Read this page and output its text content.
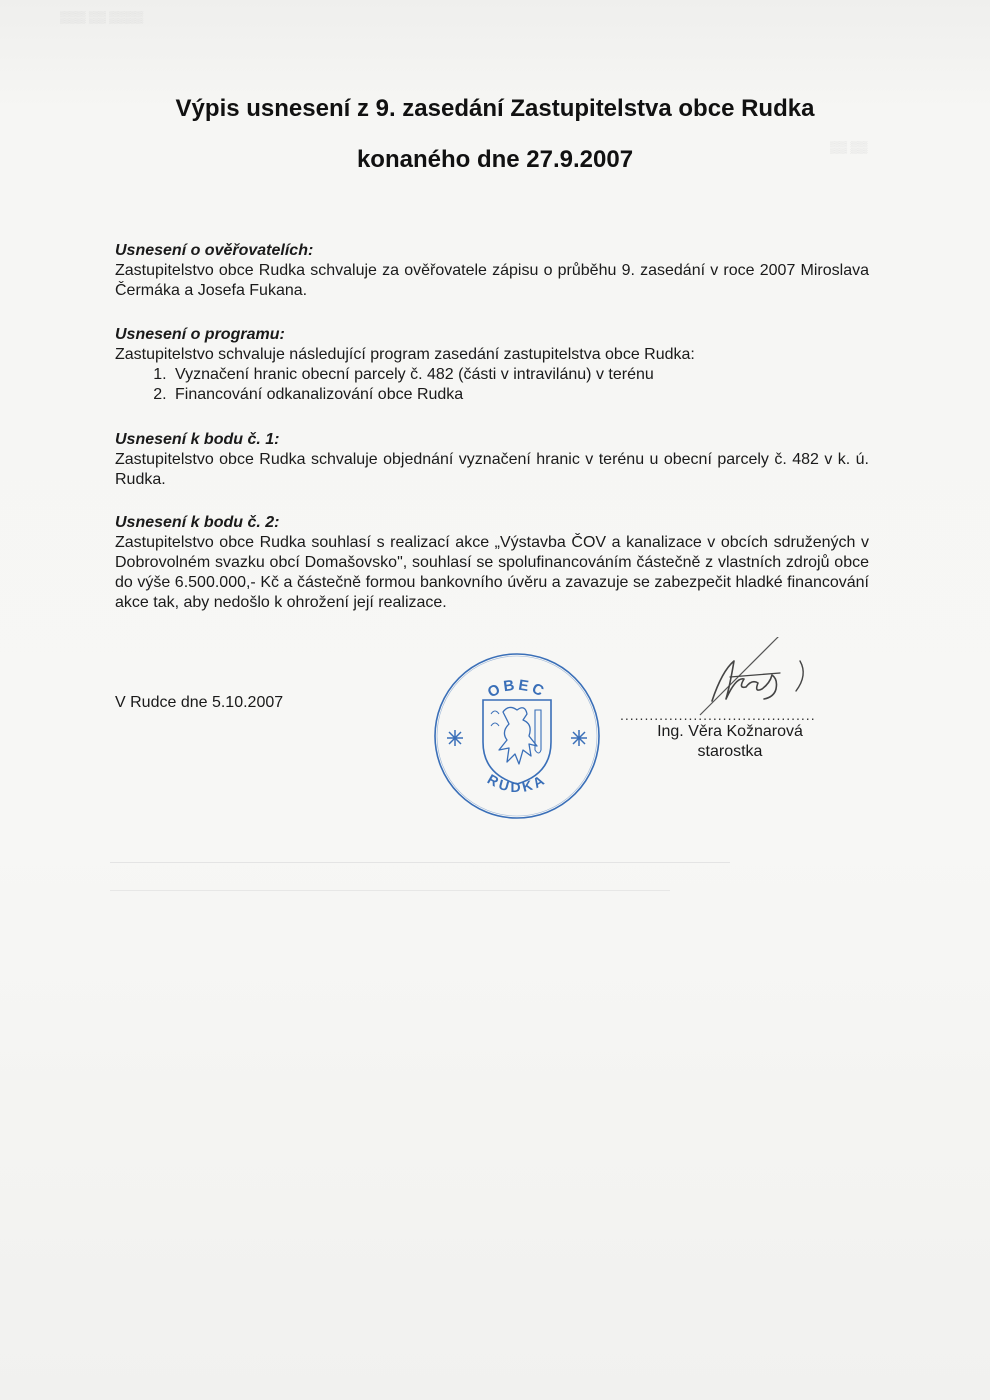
▒▒▒ ▒▒ ▒▒▒▒
▒▒ ▒▒
Výpis usnesení z 9. zasedání Zastupitelstva obce Rudka
konaného dne 27.9.2007
Usnesení o ověřovatelích:
Zastupitelstvo obce Rudka schvaluje za ověřovatele zápisu o průběhu 9. zasedání v roce 2007 Miroslava Čermáka a Josefa Fukana.
Usnesení o programu:
Zastupitelstvo schvaluje následující program zasedání zastupitelstva obce Rudka:
1. Vyznačení hranic obecní parcely č. 482 (části v intravilánu) v terénu
2. Financování odkanalizování obce Rudka
Usnesení k bodu č. 1:
Zastupitelstvo obce Rudka schvaluje objednání vyznačení hranic v terénu u obecní parcely č. 482 v k. ú. Rudka.
Usnesení k bodu č. 2:
Zastupitelstvo obce Rudka souhlasí s realizací akce „Výstavba ČOV a kanalizace v obcích sdružených v Dobrovolném svazku obcí Domašovsko", souhlasí se spolufinancováním částečně z vlastních zdrojů obce do výše 6.500.000,- Kč a částečně formou bankovního úvěru a zavazuje se zabezpečit hladké financování akce tak, aby nedošlo k ohrožení její realizace.
V Rudce dne 5.10.2007
OBEC
RUDKA
........................................
Ing. Věra Kožnarová
starostka
